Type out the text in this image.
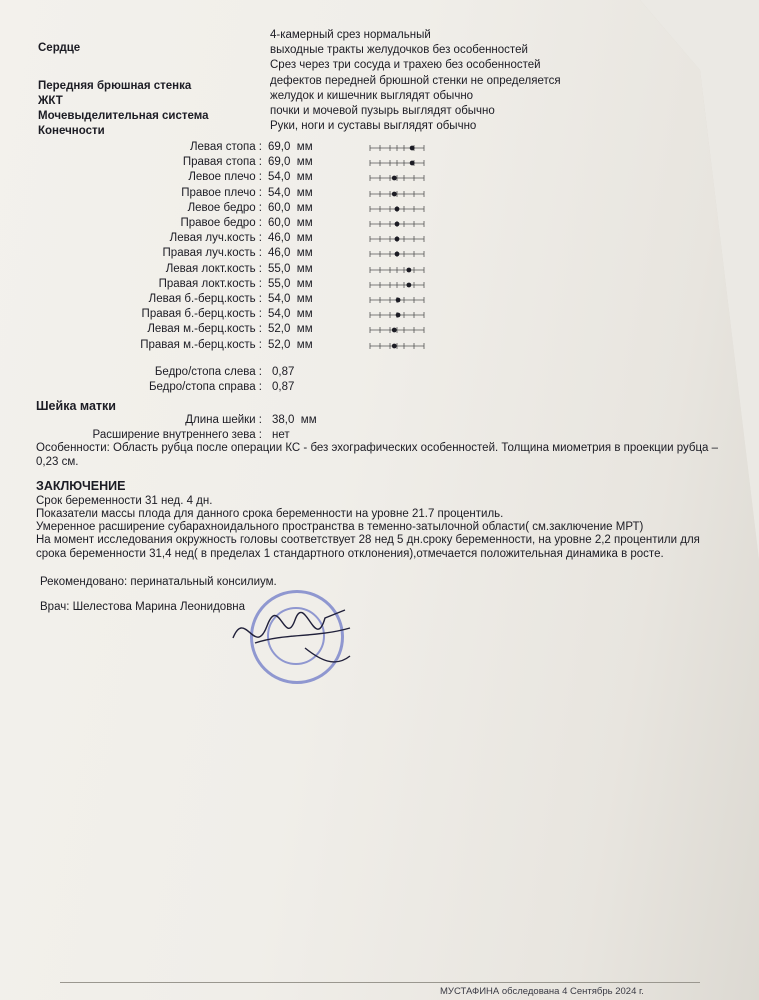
Сердце
4-камерный срез нормальный
выходные тракты желудочков без особенностей
Срез через три сосуда и трахею без особенностей
Передняя брюшная стенка	дефектов передней брюшной стенки не определяется
ЖКТ	желудок и кишечник выглядят обычно
Мочевыделительная система	почки и мочевой пузырь выглядят обычно
Конечности	Руки, ноги и суставы выглядят обычно
Левая стопа : 69,0 мм
Правая стопа : 69,0 мм
Левое плечо : 54,0 мм
Правое плечо : 54,0 мм
Левое бедро : 60,0 мм
Правое бедро : 60,0 мм
Левая луч.кость : 46,0 мм
Правая луч.кость : 46,0 мм
Левая локт.кость : 55,0 мм
Правая локт.кость : 55,0 мм
Левая б.-берц.кость : 54,0 мм
Правая б.-берц.кость : 54,0 мм
Левая м.-берц.кость : 52,0 мм
Правая м.-берц.кость : 52,0 мм
Бедро/стопа слева : 0,87
Бедро/стопа справа : 0,87
Шейка матки
Длина шейки : 38,0 мм
Расширение внутреннего зева : нет
Особенности: Область рубца после операции КС - без эхографических особенностей. Толщина миометрия в проекции рубца – 0,23 см.
ЗАКЛЮЧЕНИЕ
Срок беременности 31 нед. 4 дн.
Показатели массы плода для данного срока беременности на уровне 21.7 процентиль.
Умеренное расширение субарахноидального пространства в теменно-затылочной области( см.заключение МРТ)
На момент исследования окружность головы соответствует 28 нед 5 дн.сроку беременности, на уровне 2,2 процентили для срока беременности 31,4 нед( в пределах 1 стандартного отклонения),отмечается положительная динамика в росте.
Рекомендовано: перинатальный консилиум.
Врач: Шелестова Марина Леонидовна
МУСТАФИНА обследована 4 Сентябрь 2024 г.
